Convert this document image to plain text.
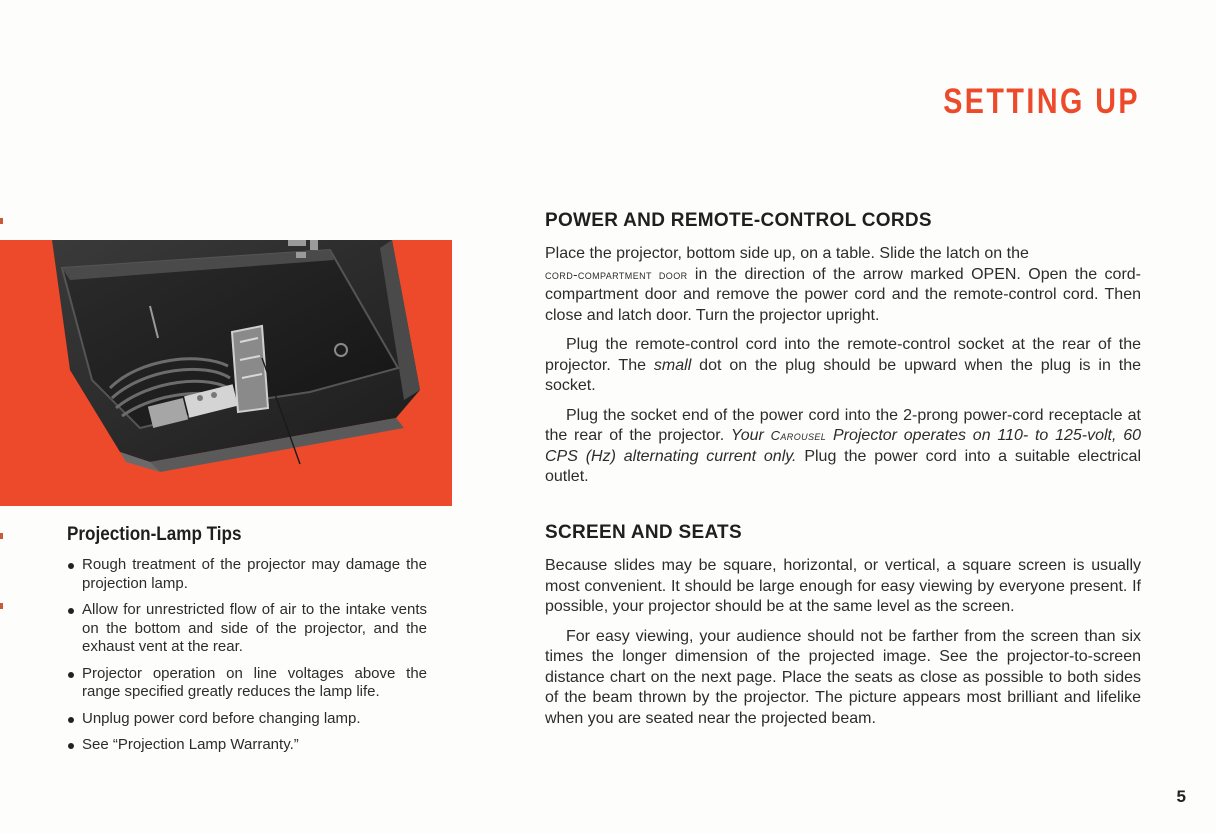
SETTING UP
Projection-Lamp Tips
Rough treatment of the projector may damage the projection lamp.
Allow for unrestricted flow of air to the intake vents on the bottom and side of the projector, and the exhaust vent at the rear.
Projector operation on line voltages above the range specified greatly reduces the lamp life.
Unplug power cord before changing lamp.
See “Projection Lamp Warranty.”
POWER AND REMOTE-CONTROL CORDS

Place the projector, bottom side up, on a table. Slide the latch on the
cord-compartment door in the direction of the arrow marked OPEN. Open the cord-compartment door and remove the power cord and the remote-control cord. Then close and latch door. Turn the projector upright.

Plug the remote-control cord into the remote-control socket at the rear of the projector. The small dot on the plug should be upward when the plug is in the socket.

Plug the socket end of the power cord into the 2-prong power-cord receptacle at the rear of the projector. Your Carousel Projector operates on 110- to 125-volt, 60 CPS (Hz) alternating current only. Plug the power cord into a suitable electrical outlet.

SCREEN AND SEATS

Because slides may be square, horizontal, or vertical, a square screen is usually most convenient. It should be large enough for easy viewing by everyone present. If possible, your projector should be at the same level as the screen.

For easy viewing, your audience should not be farther from the screen than six times the longer dimension of the projected image. See the projector-to-screen distance chart on the next page. Place the seats as close as possible to both sides of the beam thrown by the projector. The picture appears most brilliant and lifelike when you are seated near the projected beam.

5
